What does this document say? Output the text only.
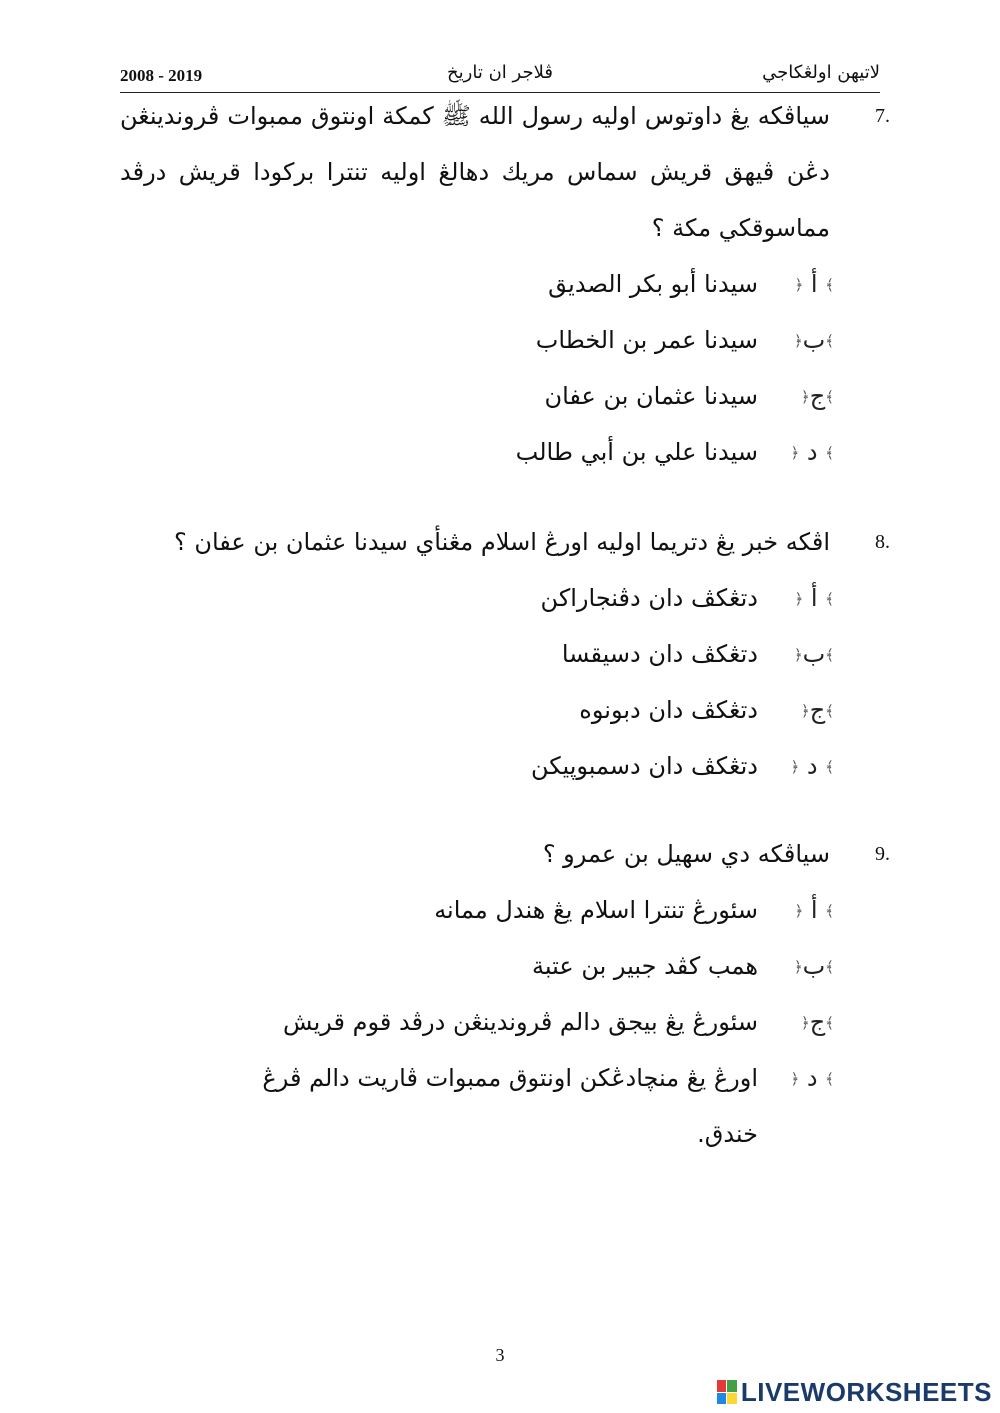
2008 - 2019	ڤلاجر ان تاريخ	لاتيهن اولڠكاجي
7.
سياڤكه يڠ داوتوس اوليه رسول الله ﷺ كمكة اونتوق ممبوات ڤروندينڠن
دڠن ڤيهق قريش سماس مريك دهالڠ اوليه تنترا بركودا قريش درڤد
مماسوقکي مكة ؟
﴾ أ ﴿
سيدنا أبو بكر الصديق
﴾ب﴿
سيدنا عمر بن الخطاب
﴾ج﴿
سيدنا عثمان بن عفان
﴾ د ﴿
سيدنا علي بن أبي طالب
8.
اڤكه خبر يڠ دتريما اوليه اورڠ اسلام مڠنأي سيدنا عثمان بن عفان ؟
﴾ أ ﴿
دتڠكڤ دان دڤنجاراكن
﴾ب﴿
دتڠكڤ دان دسيقسا
﴾ج﴿
دتڠكڤ دان دبونوه
﴾ د ﴿
دتڠكڤ دان دسمبوڽيکن
9.
سياڤكه دي سهيل بن عمرو ؟
﴾ أ ﴿
سئورڠ تنترا اسلام يڠ هندل ممانه
﴾ب﴿
همب كڤد جبير بن عتبة
﴾ج﴿
سئورڠ يڠ بيجق دالم ڤروندينڠن درڤد قوم قريش
﴾ د ﴿
اورڠ يڠ منچادڠكن اونتوق ممبوات ڤاريت دالم ڤرڠ
خندق.
3
LIVEWORKSHEETS
